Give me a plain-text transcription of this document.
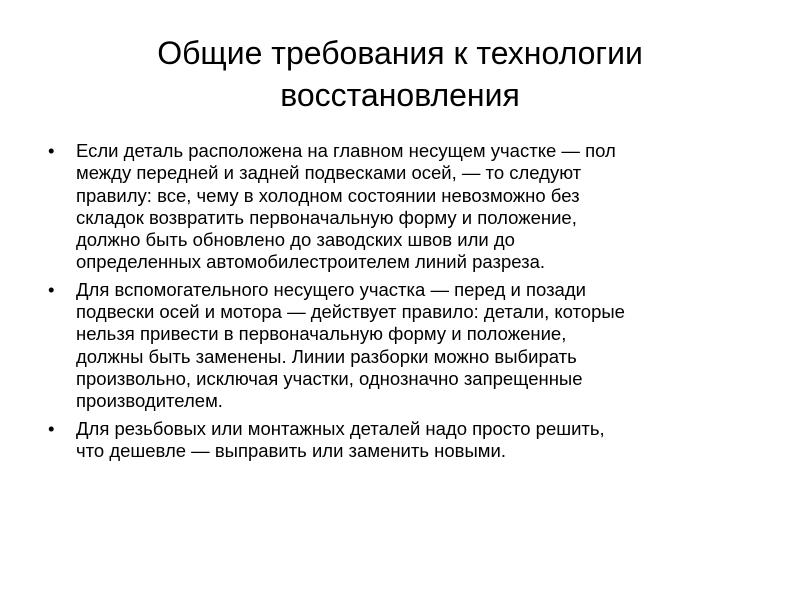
Общие требования к технологии
восстановления
• Если деталь расположена на главном несущем участке — пол
между передней и задней подвесками осей, — то следуют
правилу: все, чему в холодном состоянии невозможно без
складок возвратить первоначальную форму и положение,
должно быть обновлено до заводских швов или до
определенных автомобилестроителем линий разреза.
• Для вспомогательного несущего участка — перед и позади
подвески осей и мотора — действует правило: детали, которые
нельзя привести в первоначальную форму и положение,
должны быть заменены. Линии разборки можно выбирать
произвольно, исключая участки, однозначно запрещенные
производителем.
• Для резьбовых или монтажных деталей надо просто решить,
что дешевле — выправить или заменить новыми.
